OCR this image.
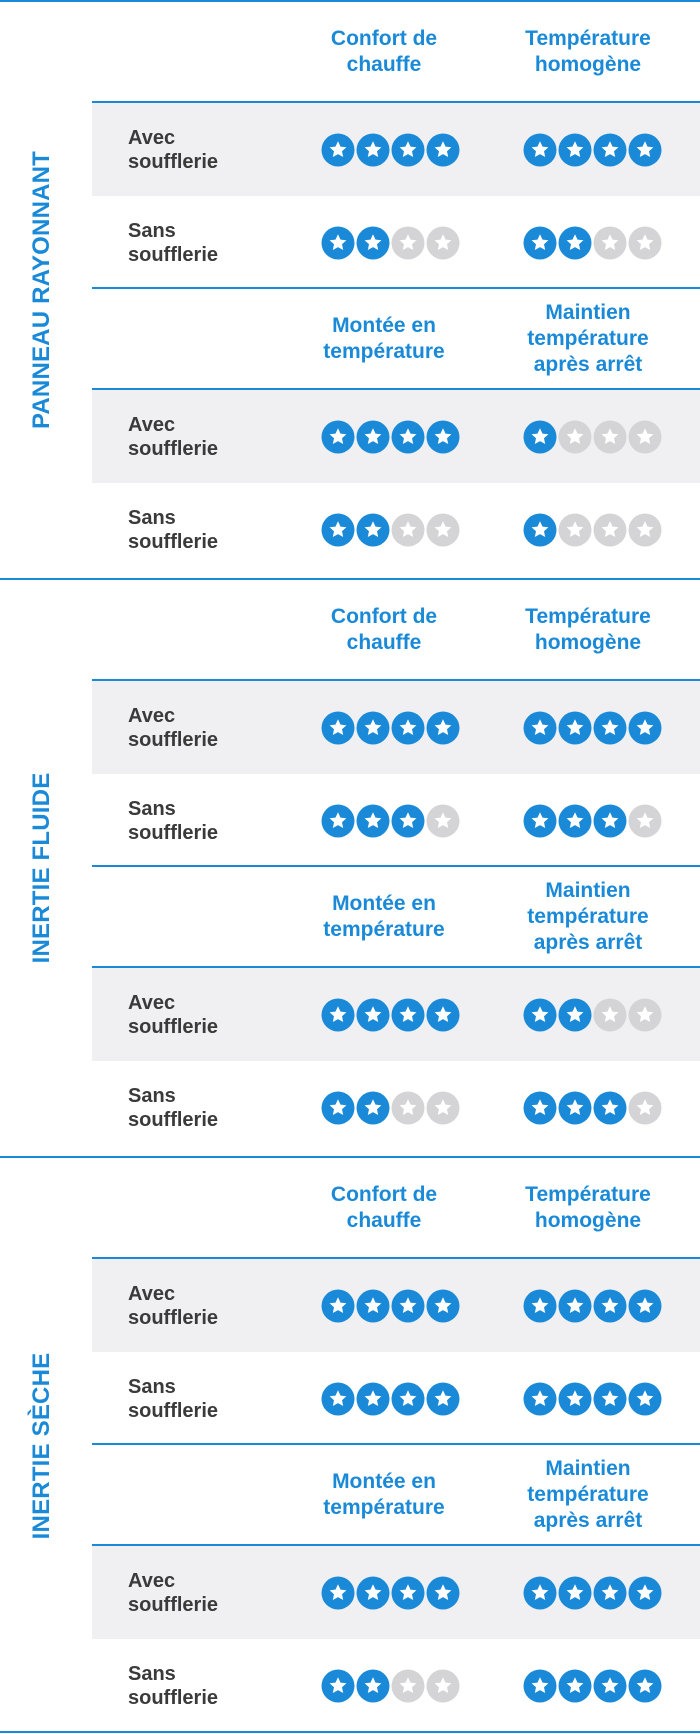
PANNEAU RAYONNANT
Confort de
chauffe
Température
homogène
Avec
soufflerie
Sans
soufflerie
Montée en
température
Maintien
température
après arrêt
Avec
soufflerie
Sans
soufflerie
INERTIE FLUIDE
Confort de
chauffe
Température
homogène
Avec
soufflerie
Sans
soufflerie
Montée en
température
Maintien
température
après arrêt
Avec
soufflerie
Sans
soufflerie
INERTIE SÈCHE
Confort de
chauffe
Température
homogène
Avec
soufflerie
Sans
soufflerie
Montée en
température
Maintien
température
après arrêt
Avec
soufflerie
Sans
soufflerie
